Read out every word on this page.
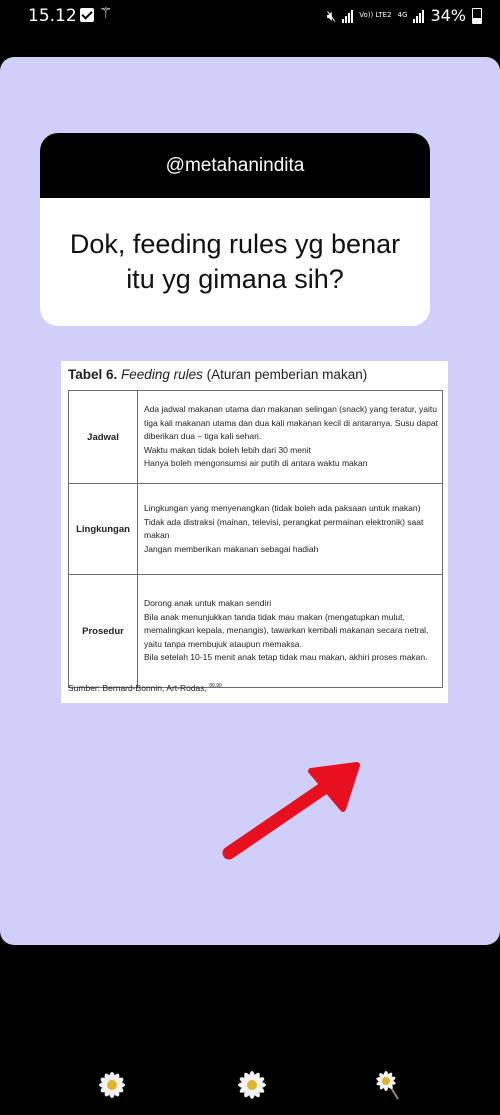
15.12 ⚚	🔇︎	Vo)) LTE2 4G 34%
@metahanindita
Dok, feeding rules yg benar itu yg gimana sih?
Tabel 6. Feeding rules (Aturan pemberian makan)
Jadwal	Ada jadwal makanan utama dan makanan selingan (snack) yang teratur, yaitu tiga kali makanan utama dan dua kali makanan kecil di antaranya. Susu dapat diberikan dua – tiga kali sehari.
Waktu makan tidak boleh lebih dari 30 menit
Hanya boleh mengonsumsi air putih di antara waktu makan

Lingkungan	Lingkungan yang menyenangkan (tidak boleh ada paksaan untuk makan)
Tidak ada distraksi (mainan, televisi, perangkat permainan elektronik) saat makan
Jangan memberikan makanan sebagai hadiah

Prosedur	Dorong anak untuk makan sendiri
Bila anak menunjukkan tanda tidak mau makan (mengatupkan mulut, memalingkan kepala, menangis), tawarkan kembali makanan secara netral, yaitu tanpa membujuk ataupun memaksa.
Bila setelah 10-15 menit anak tetap tidak mau makan, akhiri proses makan.
Sumber: Bernard-Bonnin, Art-Rodas, $^{89,90}$
